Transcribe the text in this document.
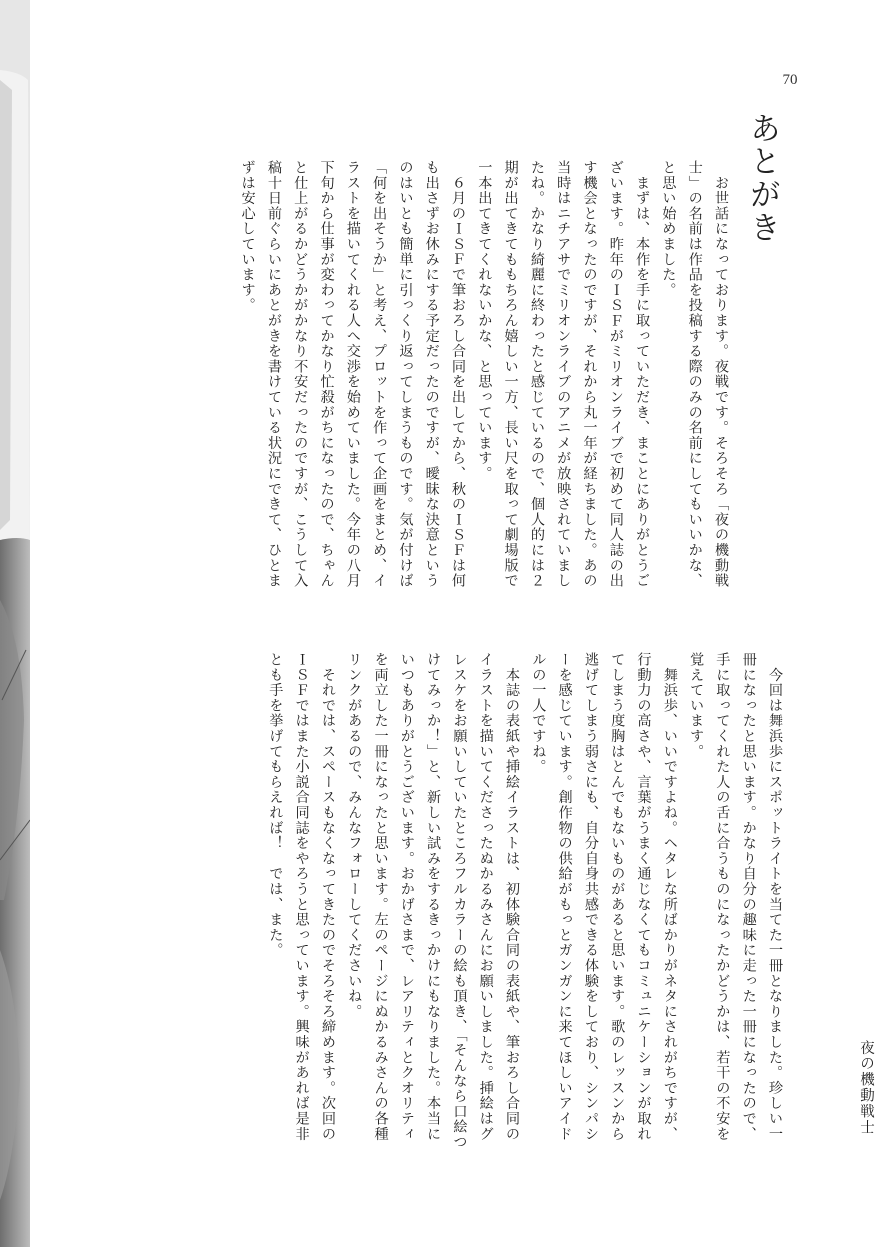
70
あとがき
　お世話になっております。夜戦です。そろそろ「夜の機動戦士」の名前は作品を投稿する際のみの名前にしてもいいかな、と思い始めました。
　まずは、本作を手に取っていただき、まことにありがとうございます。昨年のＩＳＦがミリオンライブで初めて同人誌の出す機会となったのですが、それから丸一年が経ちました。あの当時はニチアサでミリオンライブのアニメが放映されていましたね。かなり綺麗に終わったと感じているので、個人的には２期が出てきてももちろん嬉しい一方、長い尺を取って劇場版で一本出てきてくれないかな、と思っています。
　６月のＩＳＦで筆おろし合同を出してから、秋のＩＳＦは何も出さずお休みにする予定だったのですが、曖昧な決意というのはいとも簡単に引っくり返ってしまうものです。気が付けば「何を出そうか」と考え、プロットを作って企画をまとめ、イラストを描いてくれる人へ交渉を始めていました。今年の八月下旬から仕事が変わってかなり忙殺がちになったので、ちゃんと仕上がるかどうかがかなり不安だったのですが、こうして入稿十日前ぐらいにあとがきを書けている状況にできて、ひとまずは安心しています。
　今回は舞浜歩にスポットライトを当てた一冊となりました。珍しい一冊になったと思います。かなり自分の趣味に走った一冊になったので、手に取ってくれた人の舌に合うものになったかどうかは、若干の不安を覚えています。
　舞浜歩、いいですよね。ヘタレな所ばかりがネタにされがちですが、行動力の高さや、言葉がうまく通じなくてもコミュニケーションが取れてしまう度胸はとんでもないものがあると思います。歌のレッスンから逃げてしまう弱さにも、自分自身共感できる体験をしており、シンパシーを感じています。創作物の供給がもっとガンガンに来てほしいアイドルの一人ですね。
　本誌の表紙や挿絵イラストは、初体験合同の表紙や、筆おろし合同のイラストを描いてくださったぬかるみさんにお願いしました。挿絵はグレスケをお願いしていたところフルカラーの絵も頂き、「そんなら口絵つけてみっか！」と、新しい試みをするきっかけにもなりました。本当にいつもありがとうございます。おかげさまで、レアリティとクオリティを両立した一冊になったと思います。左のページにぬかるみさんの各種リンクがあるので、みんなフォローしてくださいね。
　それでは、スペースもなくなってきたのでそろそろ締めます。次回のＩＳＦではまた小説合同誌をやろうと思っています。興味があれば是非とも手を挙げてもらえれば！　では、また。
夜の機動戦士
